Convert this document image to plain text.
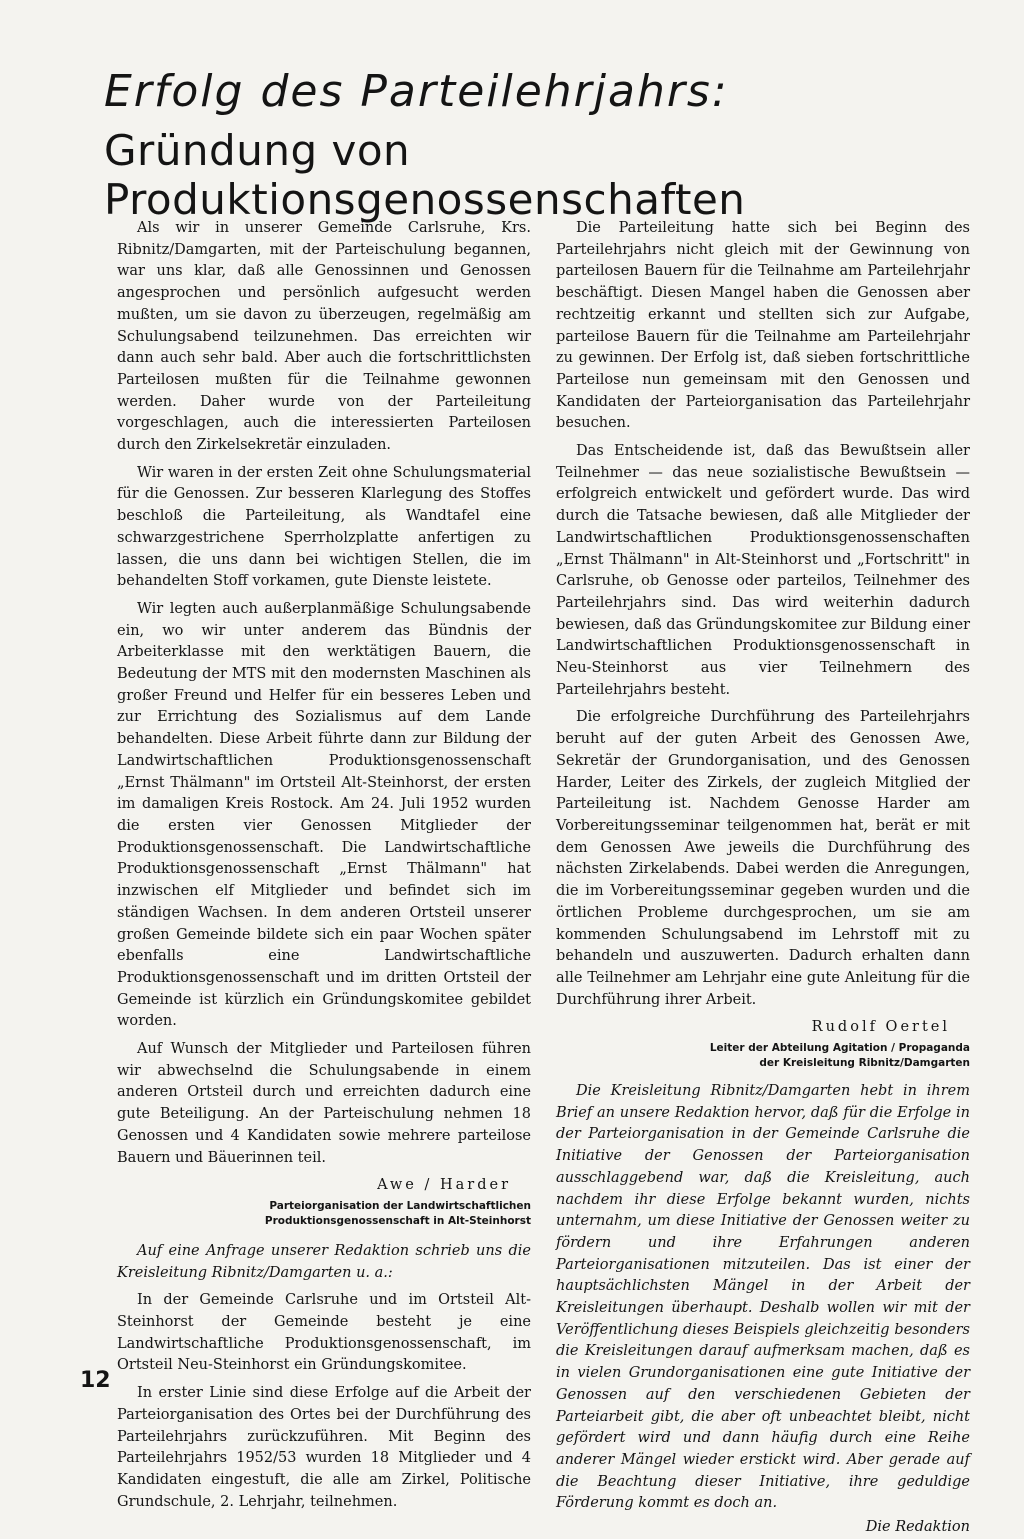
Erfolg des Parteilehrjahrs:
Gründung von Produktionsgenossenschaften

Als wir in unserer Gemeinde Carlsruhe, Krs. Ribnitz/Damgarten, mit der Parteischulung begannen, war uns klar, daß alle Genossinnen und Genossen angesprochen und persönlich aufgesucht werden mußten, um sie davon zu überzeugen, regelmäßig am Schulungsabend teilzunehmen. Das erreichten wir dann auch sehr bald. Aber auch die fortschrittlichsten Parteilosen mußten für die Teilnahme gewonnen werden. Daher wurde von der Parteileitung vorgeschlagen, auch die interessierten Parteilosen durch den Zirkelsekretär einzuladen.

Wir waren in der ersten Zeit ohne Schulungsmaterial für die Genossen. Zur besseren Klarlegung des Stoffes beschloß die Parteileitung, als Wandtafel eine schwarzgestrichene Sperrholzplatte anfertigen zu lassen, die uns dann bei wichtigen Stellen, die im behandelten Stoff vorkamen, gute Dienste leistete.

Wir legten auch außerplanmäßige Schulungsabende ein, wo wir unter anderem das Bündnis der Arbeiterklasse mit den werktätigen Bauern, die Bedeutung der MTS mit den modernsten Maschinen als großer Freund und Helfer für ein besseres Leben und zur Errichtung des Sozialismus auf dem Lande behandelten. Diese Arbeit führte dann zur Bildung der Landwirtschaftlichen Produktionsgenossenschaft „Ernst Thälmann" im Ortsteil Alt-Steinhorst, der ersten im damaligen Kreis Rostock. Am 24. Juli 1952 wurden die ersten vier Genossen Mitglieder der Produktionsgenossenschaft. Die Landwirtschaftliche Produktionsgenossenschaft „Ernst Thälmann" hat inzwischen elf Mitglieder und befindet sich im ständigen Wachsen. In dem anderen Ortsteil unserer großen Gemeinde bildete sich ein paar Wochen später ebenfalls eine Landwirtschaftliche Produktionsgenossenschaft und im dritten Ortsteil der Gemeinde ist kürzlich ein Gründungskomitee gebildet worden.

Auf Wunsch der Mitglieder und Parteilosen führen wir abwechselnd die Schulungsabende in einem anderen Ortsteil durch und erreichten dadurch eine gute Beteiligung. An der Parteischulung nehmen 18 Genossen und 4 Kandidaten sowie mehrere parteilose Bauern und Bäuerinnen teil.

Awe / Harder
Parteiorganisation der Landwirtschaftlichen
Produktionsgenossenschaft in Alt-Steinhorst

Auf eine Anfrage unserer Redaktion schrieb uns die Kreisleitung Ribnitz/Damgarten u. a.:

In der Gemeinde Carlsruhe und im Ortsteil Alt-Steinhorst der Gemeinde besteht je eine Landwirtschaftliche Produktionsgenossenschaft, im Ortsteil Neu-Steinhorst ein Gründungskomitee.

In erster Linie sind diese Erfolge auf die Arbeit der Parteiorganisation des Ortes bei der Durchführung des Parteilehrjahrs zurückzuführen. Mit Beginn des Parteilehrjahrs 1952/53 wurden 18 Mitglieder und 4 Kandidaten eingestuft, die alle am Zirkel, Politische Grundschule, 2. Lehrjahr, teilnehmen.

Die Parteileitung hatte sich bei Beginn des Parteilehrjahrs nicht gleich mit der Gewinnung von parteilosen Bauern für die Teilnahme am Parteilehrjahr beschäftigt. Diesen Mangel haben die Genossen aber rechtzeitig erkannt und stellten sich zur Aufgabe, parteilose Bauern für die Teilnahme am Parteilehrjahr zu gewinnen. Der Erfolg ist, daß sieben fortschrittliche Parteilose nun gemeinsam mit den Genossen und Kandidaten der Parteiorganisation das Parteilehrjahr besuchen.

Das Entscheidende ist, daß das Bewußtsein aller Teilnehmer — das neue sozialistische Bewußtsein — erfolgreich entwickelt und gefördert wurde. Das wird durch die Tatsache bewiesen, daß alle Mitglieder der Landwirtschaftlichen Produktionsgenossenschaften „Ernst Thälmann" in Alt-Steinhorst und „Fortschritt" in Carlsruhe, ob Genosse oder parteilos, Teilnehmer des Parteilehrjahrs sind. Das wird weiterhin dadurch bewiesen, daß das Gründungskomitee zur Bildung einer Landwirtschaftlichen Produktionsgenossenschaft in Neu-Steinhorst aus vier Teilnehmern des Parteilehrjahrs besteht.

Die erfolgreiche Durchführung des Parteilehrjahrs beruht auf der guten Arbeit des Genossen Awe, Sekretär der Grundorganisation, und des Genossen Harder, Leiter des Zirkels, der zugleich Mitglied der Parteileitung ist. Nachdem Genosse Harder am Vorbereitungsseminar teilgenommen hat, berät er mit dem Genossen Awe jeweils die Durchführung des nächsten Zirkelabends. Dabei werden die Anregungen, die im Vorbereitungsseminar gegeben wurden und die örtlichen Probleme durchgesprochen, um sie am kommenden Schulungsabend im Lehrstoff mit zu behandeln und auszuwerten. Dadurch erhalten dann alle Teilnehmer am Lehrjahr eine gute Anleitung für die Durchführung ihrer Arbeit.

Rudolf Oertel
Leiter der Abteilung Agitation / Propaganda
der Kreisleitung Ribnitz/Damgarten

Die Kreisleitung Ribnitz/Damgarten hebt in ihrem Brief an unsere Redaktion hervor, daß für die Erfolge in der Parteiorganisation in der Gemeinde Carlsruhe die Initiative der Genossen der Parteiorganisation ausschlaggebend war, daß die Kreisleitung, auch nachdem ihr diese Erfolge bekannt wurden, nichts unternahm, um diese Initiative der Genossen weiter zu fördern und ihre Erfahrungen anderen Parteiorganisationen mitzuteilen. Das ist einer der hauptsächlichsten Mängel in der Arbeit der Kreisleitungen überhaupt. Deshalb wollen wir mit der Veröffentlichung dieses Beispiels gleichzeitig besonders die Kreisleitungen darauf aufmerksam machen, daß es in vielen Grundorganisationen eine gute Initiative der Genossen auf den verschiedenen Gebieten der Parteiarbeit gibt, die aber oft unbeachtet bleibt, nicht gefördert wird und dann häufig durch eine Reihe anderer Mängel wieder erstickt wird. Aber gerade auf die Beachtung dieser Initiative, ihre geduldige Förderung kommt es doch an.

Die Redaktion
12
